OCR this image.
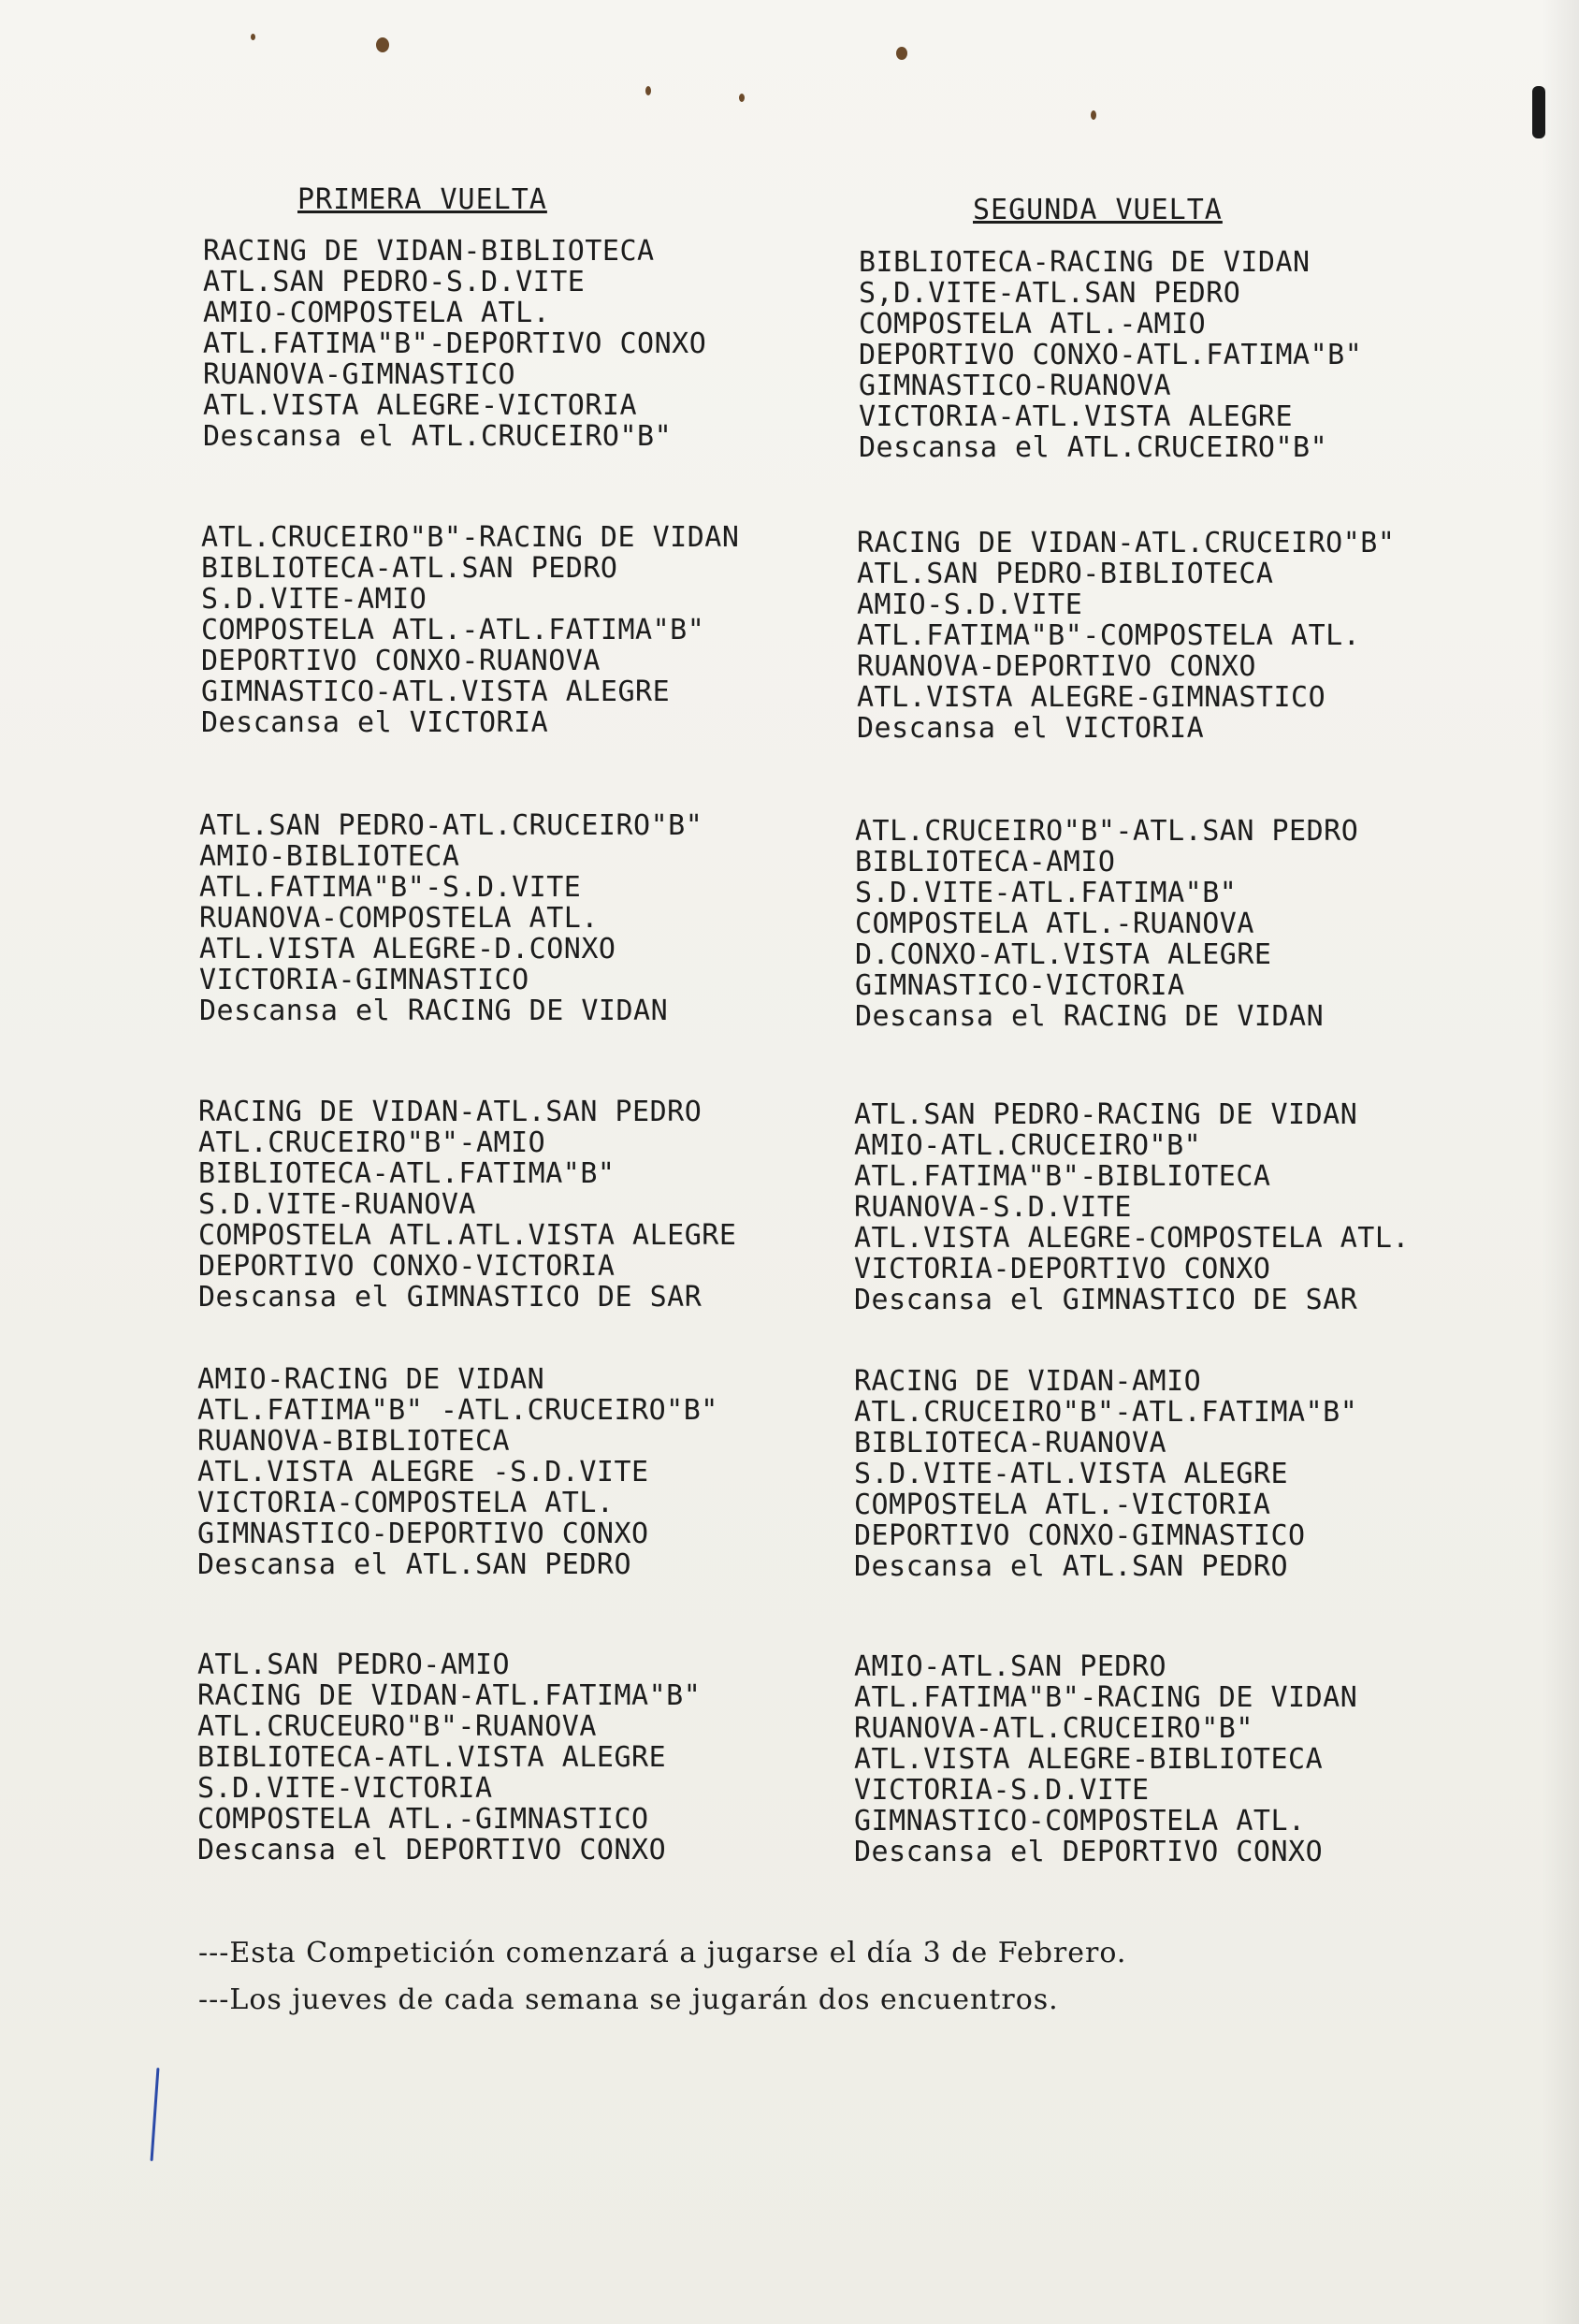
PRIMERA VUELTA	SEGUNDA VUELTA
RACING DE VIDAN-BIBLIOTECA
ATL.SAN PEDRO-S.D.VITE
AMIO-COMPOSTELA ATL.
ATL.FATIMA"B"-DEPORTIVO CONXO
RUANOVA-GIMNASTICO
ATL.VISTA ALEGRE-VICTORIA
Descansa el ATL.CRUCEIRO"B"
ATL.CRUCEIRO"B"-RACING DE VIDAN
BIBLIOTECA-ATL.SAN PEDRO
S.D.VITE-AMIO
COMPOSTELA ATL.-ATL.FATIMA"B"
DEPORTIVO CONXO-RUANOVA
GIMNASTICO-ATL.VISTA ALEGRE
Descansa el VICTORIA
ATL.SAN PEDRO-ATL.CRUCEIRO"B"
AMIO-BIBLIOTECA
ATL.FATIMA"B"-S.D.VITE
RUANOVA-COMPOSTELA ATL.
ATL.VISTA ALEGRE-D.CONXO
VICTORIA-GIMNASTICO
Descansa el RACING DE VIDAN
RACING DE VIDAN-ATL.SAN PEDRO
ATL.CRUCEIRO"B"-AMIO
BIBLIOTECA-ATL.FATIMA"B"
S.D.VITE-RUANOVA
COMPOSTELA ATL.ATL.VISTA ALEGRE
DEPORTIVO CONXO-VICTORIA
Descansa el GIMNASTICO DE SAR
AMIO-RACING DE VIDAN
ATL.FATIMA"B" -ATL.CRUCEIRO"B"
RUANOVA-BIBLIOTECA
ATL.VISTA ALEGRE -S.D.VITE
VICTORIA-COMPOSTELA ATL.
GIMNASTICO-DEPORTIVO CONXO
Descansa el ATL.SAN PEDRO
ATL.SAN PEDRO-AMIO
RACING DE VIDAN-ATL.FATIMA"B"
ATL.CRUCEURO"B"-RUANOVA
BIBLIOTECA-ATL.VISTA ALEGRE
S.D.VITE-VICTORIA
COMPOSTELA ATL.-GIMNASTICO
Descansa el DEPORTIVO CONXO
BIBLIOTECA-RACING DE VIDAN
S,D.VITE-ATL.SAN PEDRO
COMPOSTELA ATL.-AMIO
DEPORTIVO CONXO-ATL.FATIMA"B"
GIMNASTICO-RUANOVA
VICTORIA-ATL.VISTA ALEGRE
Descansa el ATL.CRUCEIRO"B"
RACING DE VIDAN-ATL.CRUCEIRO"B"
ATL.SAN PEDRO-BIBLIOTECA
AMIO-S.D.VITE
ATL.FATIMA"B"-COMPOSTELA ATL.
RUANOVA-DEPORTIVO CONXO
ATL.VISTA ALEGRE-GIMNASTICO
Descansa el VICTORIA
ATL.CRUCEIRO"B"-ATL.SAN PEDRO
BIBLIOTECA-AMIO
S.D.VITE-ATL.FATIMA"B"
COMPOSTELA ATL.-RUANOVA
D.CONXO-ATL.VISTA ALEGRE
GIMNASTICO-VICTORIA
Descansa el RACING DE VIDAN
ATL.SAN PEDRO-RACING DE VIDAN
AMIO-ATL.CRUCEIRO"B"
ATL.FATIMA"B"-BIBLIOTECA
RUANOVA-S.D.VITE
ATL.VISTA ALEGRE-COMPOSTELA ATL.
VICTORIA-DEPORTIVO CONXO
Descansa el GIMNASTICO DE SAR
RACING DE VIDAN-AMIO
ATL.CRUCEIRO"B"-ATL.FATIMA"B"
BIBLIOTECA-RUANOVA
S.D.VITE-ATL.VISTA ALEGRE
COMPOSTELA ATL.-VICTORIA
DEPORTIVO CONXO-GIMNASTICO
Descansa el ATL.SAN PEDRO
AMIO-ATL.SAN PEDRO
ATL.FATIMA"B"-RACING DE VIDAN
RUANOVA-ATL.CRUCEIRO"B"
ATL.VISTA ALEGRE-BIBLIOTECA
VICTORIA-S.D.VITE
GIMNASTICO-COMPOSTELA ATL.
Descansa el DEPORTIVO CONXO
---Esta Competición comenzará a jugarse el día 3 de Febrero.
---Los jueves de cada semana se jugarán dos encuentros.
